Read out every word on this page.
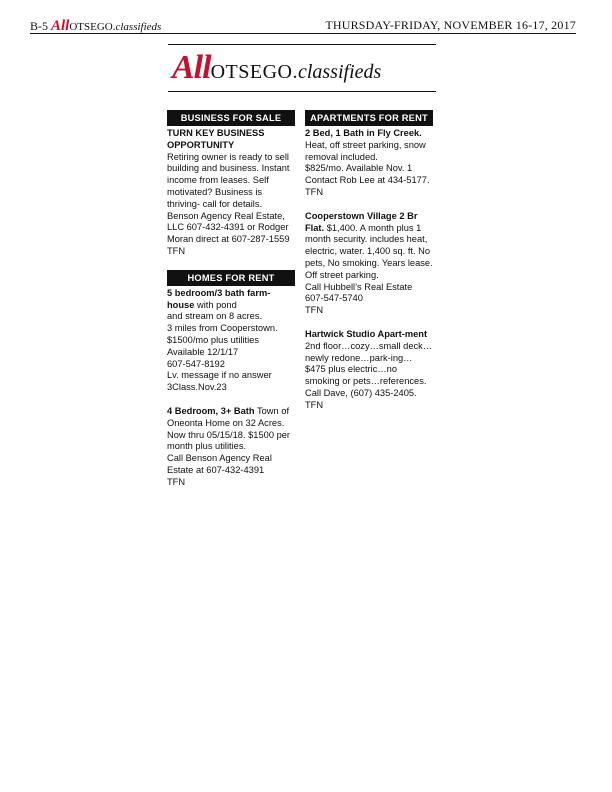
B-5 AllOTSEGO.classifieds	THURSDAY-FRIDAY, NOVEMBER 16-17, 2017
AllOTSEGO.classifieds
BUSINESS FOR SALE

TURN KEY BUSINESS OPPORTUNITY

Retiring owner is ready to sell building and business. Instant income from leases. Self motivated? Business is thriving- call for details. Benson Agency Real Estate, LLC 607-432-4391 or Rodger Moran direct at 607-287-1559

TFN

HOMES FOR RENT

5 bedroom/3 bath farm-house with pond

and stream on 8 acres.

3 miles from Cooperstown.

$1500/mo plus utilities

Available 12/1/17

607-547-8192

Lv. message if no answer

3Class.Nov.23

4 Bedroom, 3+ Bath Town of Oneonta Home on 32 Acres. Now thru 05/15/18. $1500 per month plus utilities.

Call Benson Agency Real Estate at 607-432-4391

TFN

APARTMENTS FOR RENT

2 Bed, 1 Bath in Fly Creek. Heat, off street parking, snow removal included.

$825/mo. Available Nov. 1

Contact Rob Lee at 434-5177.

TFN

Cooperstown Village 2 Br Flat. $1,400. A month plus 1 month security. includes heat, electric, water. 1,400 sq. ft. No pets, No smoking. Years lease. Off street parking.

Call Hubbell’s Real Estate

607-547-5740

TFN

Hartwick Studio Apart-ment 2nd floor…cozy…small deck…newly redone…park-ing…$475 plus electric…no smoking or pets…references.

Call Dave, (607) 435-2405.

TFN
